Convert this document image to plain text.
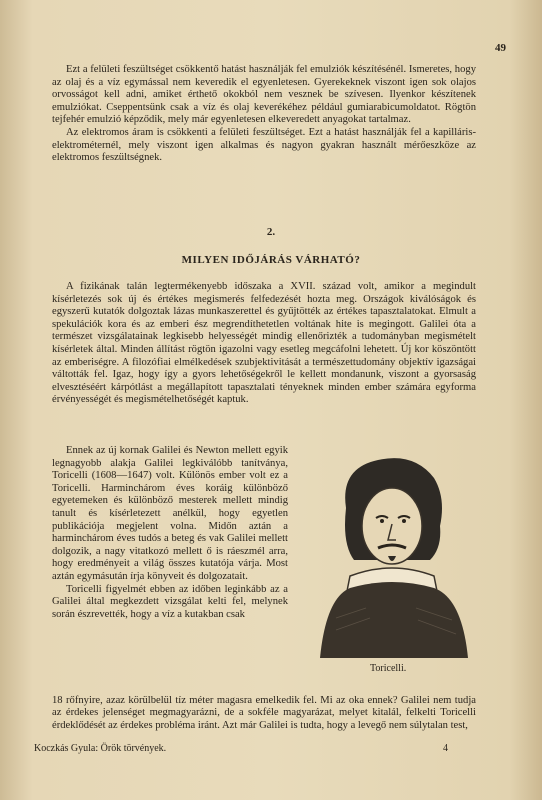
49

Ezt a felületi feszültséget csökkentő hatást használják fel emulziók készítésénél. Ismeretes, hogy az olaj és a víz egymással nem keveredik el egyenletesen. Gyerekeknek viszont igen sok olajos orvosságot kell adni, amiket érthető okokból nem vesznek be szívesen. Ilyenkor készítenek emulziókat. Cseppentsünk csak a víz és olaj keverékéhez például gumiarabicumoldatot. Rögtön tejfehér emulzió képződik, mely már egyenletesen elkeveredett anyagokat tartalmaz.

Az elektromos áram is csökkenti a felületi feszültséget. Ezt a hatást használják fel a kapilláris-elektrométernél, mely viszont igen alkalmas és nagyon gyakran használt mérőeszköze az elektromos feszültségnek.

2.
MILYEN IDŐJÁRÁS VÁRHATÓ?

A fizikának talán legtermékenyebb időszaka a XVII. század volt, amikor a megindult kísérletezés sok új és értékes megismerés felfedezését hozta meg. Országok kiválóságok és egyszerű kutatók dolgoztak lázas munkaszerettel és gyűjtötték az értékes tapasztalatokat. Elmult a spekulációk kora és az emberi ész megrendíthetetlen voltának hite is megingott. Galilei óta a természet vizsgálatainak legkisebb helyességét mindig ellenőrizték a tudományban megismételt kísérletek által. Minden állítást rögtön igazolni vagy esetleg megcáfolni lehetett. Új kor köszöntött az emberiségre. A filozófiai elmélkedések szubjektivitását a természettudomány objektív igazságai váltották fel. Igaz, hogy így a gyors lehetőségekről le kellett mondanunk, viszont a gyorsaság elvesztéséért kárpótlást a megállapított tapasztalati tényeknek minden ember számára egyforma érvényességét és megismételhetőségét kaptuk.

Ennek az új kornak Galilei és Newton mellett egyik legnagyobb alakja Galilei legkiválóbb tanítványa, Toricelli (1608—1647) volt. Különös ember volt ez a Toricelli. Harminchárom éves koráig különböző egyetemeken és különböző mesterek mellett mindig tanult és kísérletezett anélkül, hogy egyetlen publikációja megjelent volna. Midőn aztán a harminchárom éves tudós a beteg és vak Galilei mellett dolgozik, a nagy vitatkozó mellett ő is ráeszmél arra, hogy eredményeit a világ összes kutatója várja. Most aztán egymásután írja könyveit és dolgozatait.

Toricelli figyelmét ebben az időben leginkább az a Galilei által megkezdett vizsgálat kelti fel, melynek során észrevették, hogy a víz a kutakban csak

Toricelli.

18 rőfnyire, azaz körülbelül tíz méter magasra emelkedik fel. Mi az oka ennek? Galilei nem tudja az érdekes jelenséget megmagyarázni, de a sokféle magyarázat, melyet kitalál, felkelti Toricelli érdeklődését az érdekes probléma iránt. Azt már Galilei is tudta, hogy a levegő nem súlytalan test,

Koczkás Gyula: Örök törvények.	4
